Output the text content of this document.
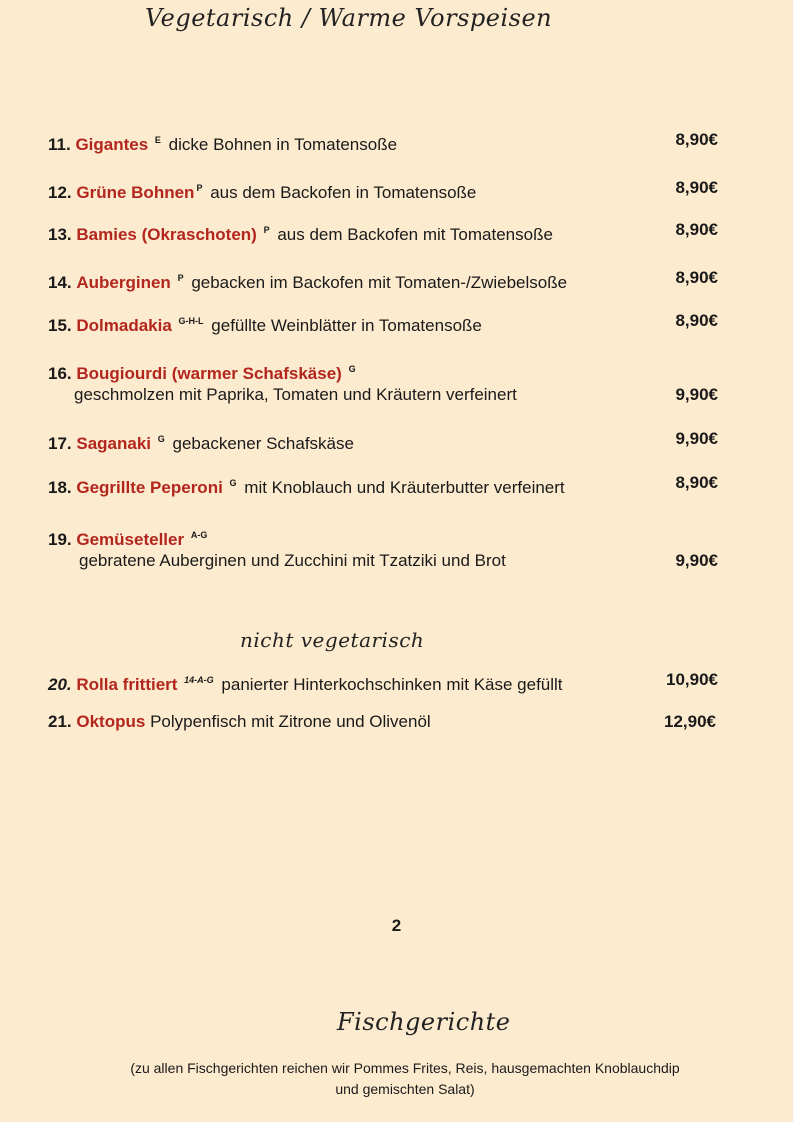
Vegetarisch / Warme Vorspeisen
11. Gigantes $^E$ dicke Bohnen in Tomatensoße	8,90€
12. Grüne Bohnen $^P$ aus dem Backofen in Tomatensoße	8,90€
13. Bamies (Okraschoten) $^P$ aus dem Backofen mit Tomatensoße	8,90€
14. Auberginen $^P$ gebacken im Backofen mit Tomaten-/Zwiebelsoße	8,90€
15. Dolmadakia $^{G-H-L}$ gefüllte Weinblätter in Tomatensoße	8,90€
16. Bougiourdi (warmer Schafskäse) $^G$
geschmolzen mit Paprika, Tomaten und Kräutern verfeinert	9,90€
17. Saganaki $^G$ gebackener Schafskäse	9,90€
18. Gegrillte Peperoni $^G$ mit Knoblauch und Kräuterbutter verfeinert	8,90€
19. Gemüseteller $^{A-G}$
gebratene Auberginen und Zucchini mit Tzatziki und Brot	9,90€
nicht vegetarisch
20. Rolla frittiert $^{14-A-G}$ panierter Hinterkochschinken mit Käse gefüllt	10,90€
21. Oktopus Polypenfisch mit Zitrone und Olivenöl	12,90€
2
Fischgerichte
(zu allen Fischgerichten reichen wir Pommes Frites, Reis, hausgemachten Knoblauchdip
und gemischten Salat)
